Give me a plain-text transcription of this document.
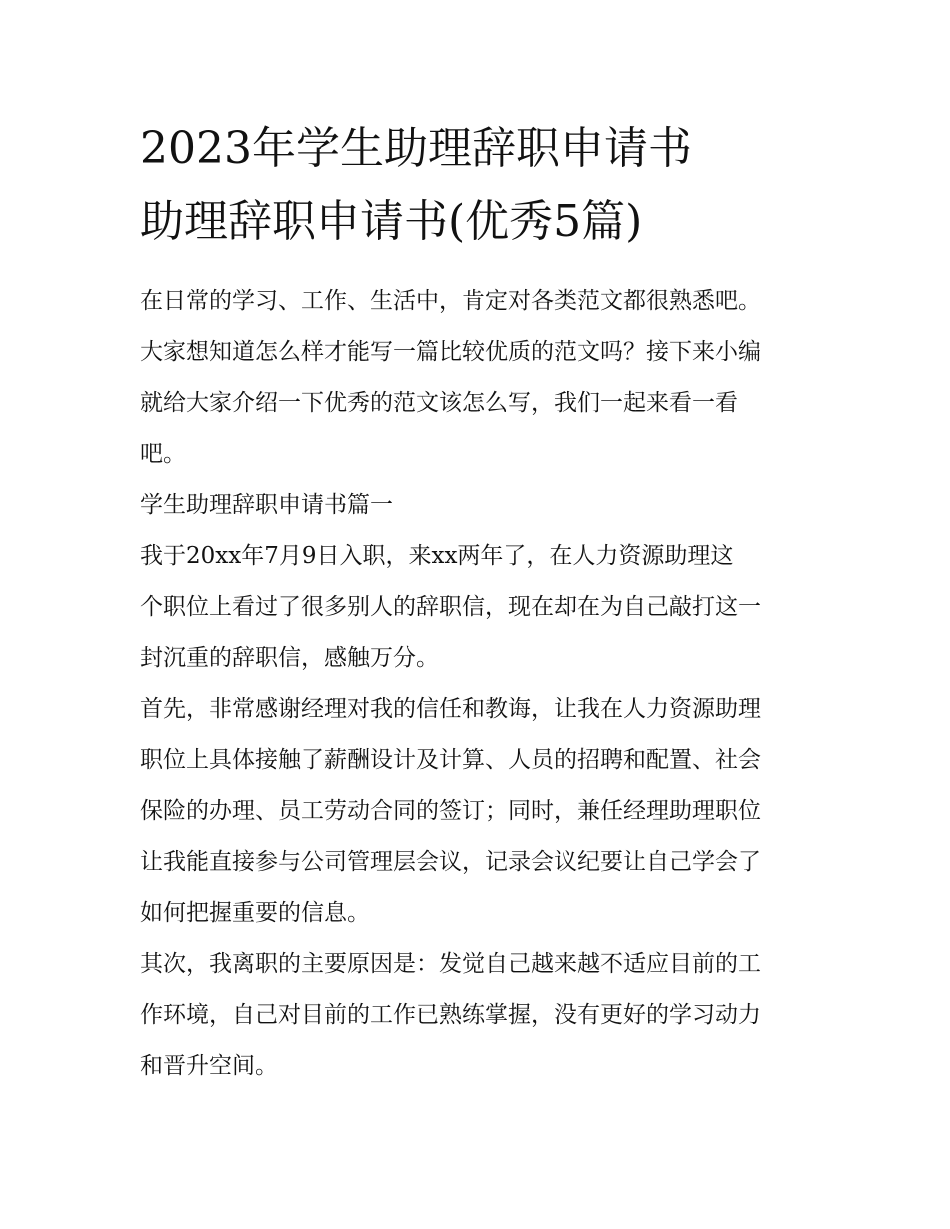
2023年学生助理辞职申请书
助理辞职申请书(优秀5篇)

在日常的学习、工作、生活中，肯定对各类范文都很熟悉吧。
大家想知道怎么样才能写一篇比较优质的范文吗？接下来小编
就给大家介绍一下优秀的范文该怎么写，我们一起来看一看
吧。

学生助理辞职申请书篇一

我于20xx年7月9日入职，来xx两年了，在人力资源助理这
个职位上看过了很多别人的辞职信，现在却在为自己敲打这一
封沉重的辞职信，感触万分。

首先，非常感谢经理对我的信任和教诲，让我在人力资源助理
职位上具体接触了薪酬设计及计算、人员的招聘和配置、社会
保险的办理、员工劳动合同的签订；同时，兼任经理助理职位
让我能直接参与公司管理层会议，记录会议纪要让自己学会了
如何把握重要的信息。

其次，我离职的主要原因是：发觉自己越来越不适应目前的工
作环境，自己对目前的工作已熟练掌握，没有更好的学习动力
和晋升空间。
